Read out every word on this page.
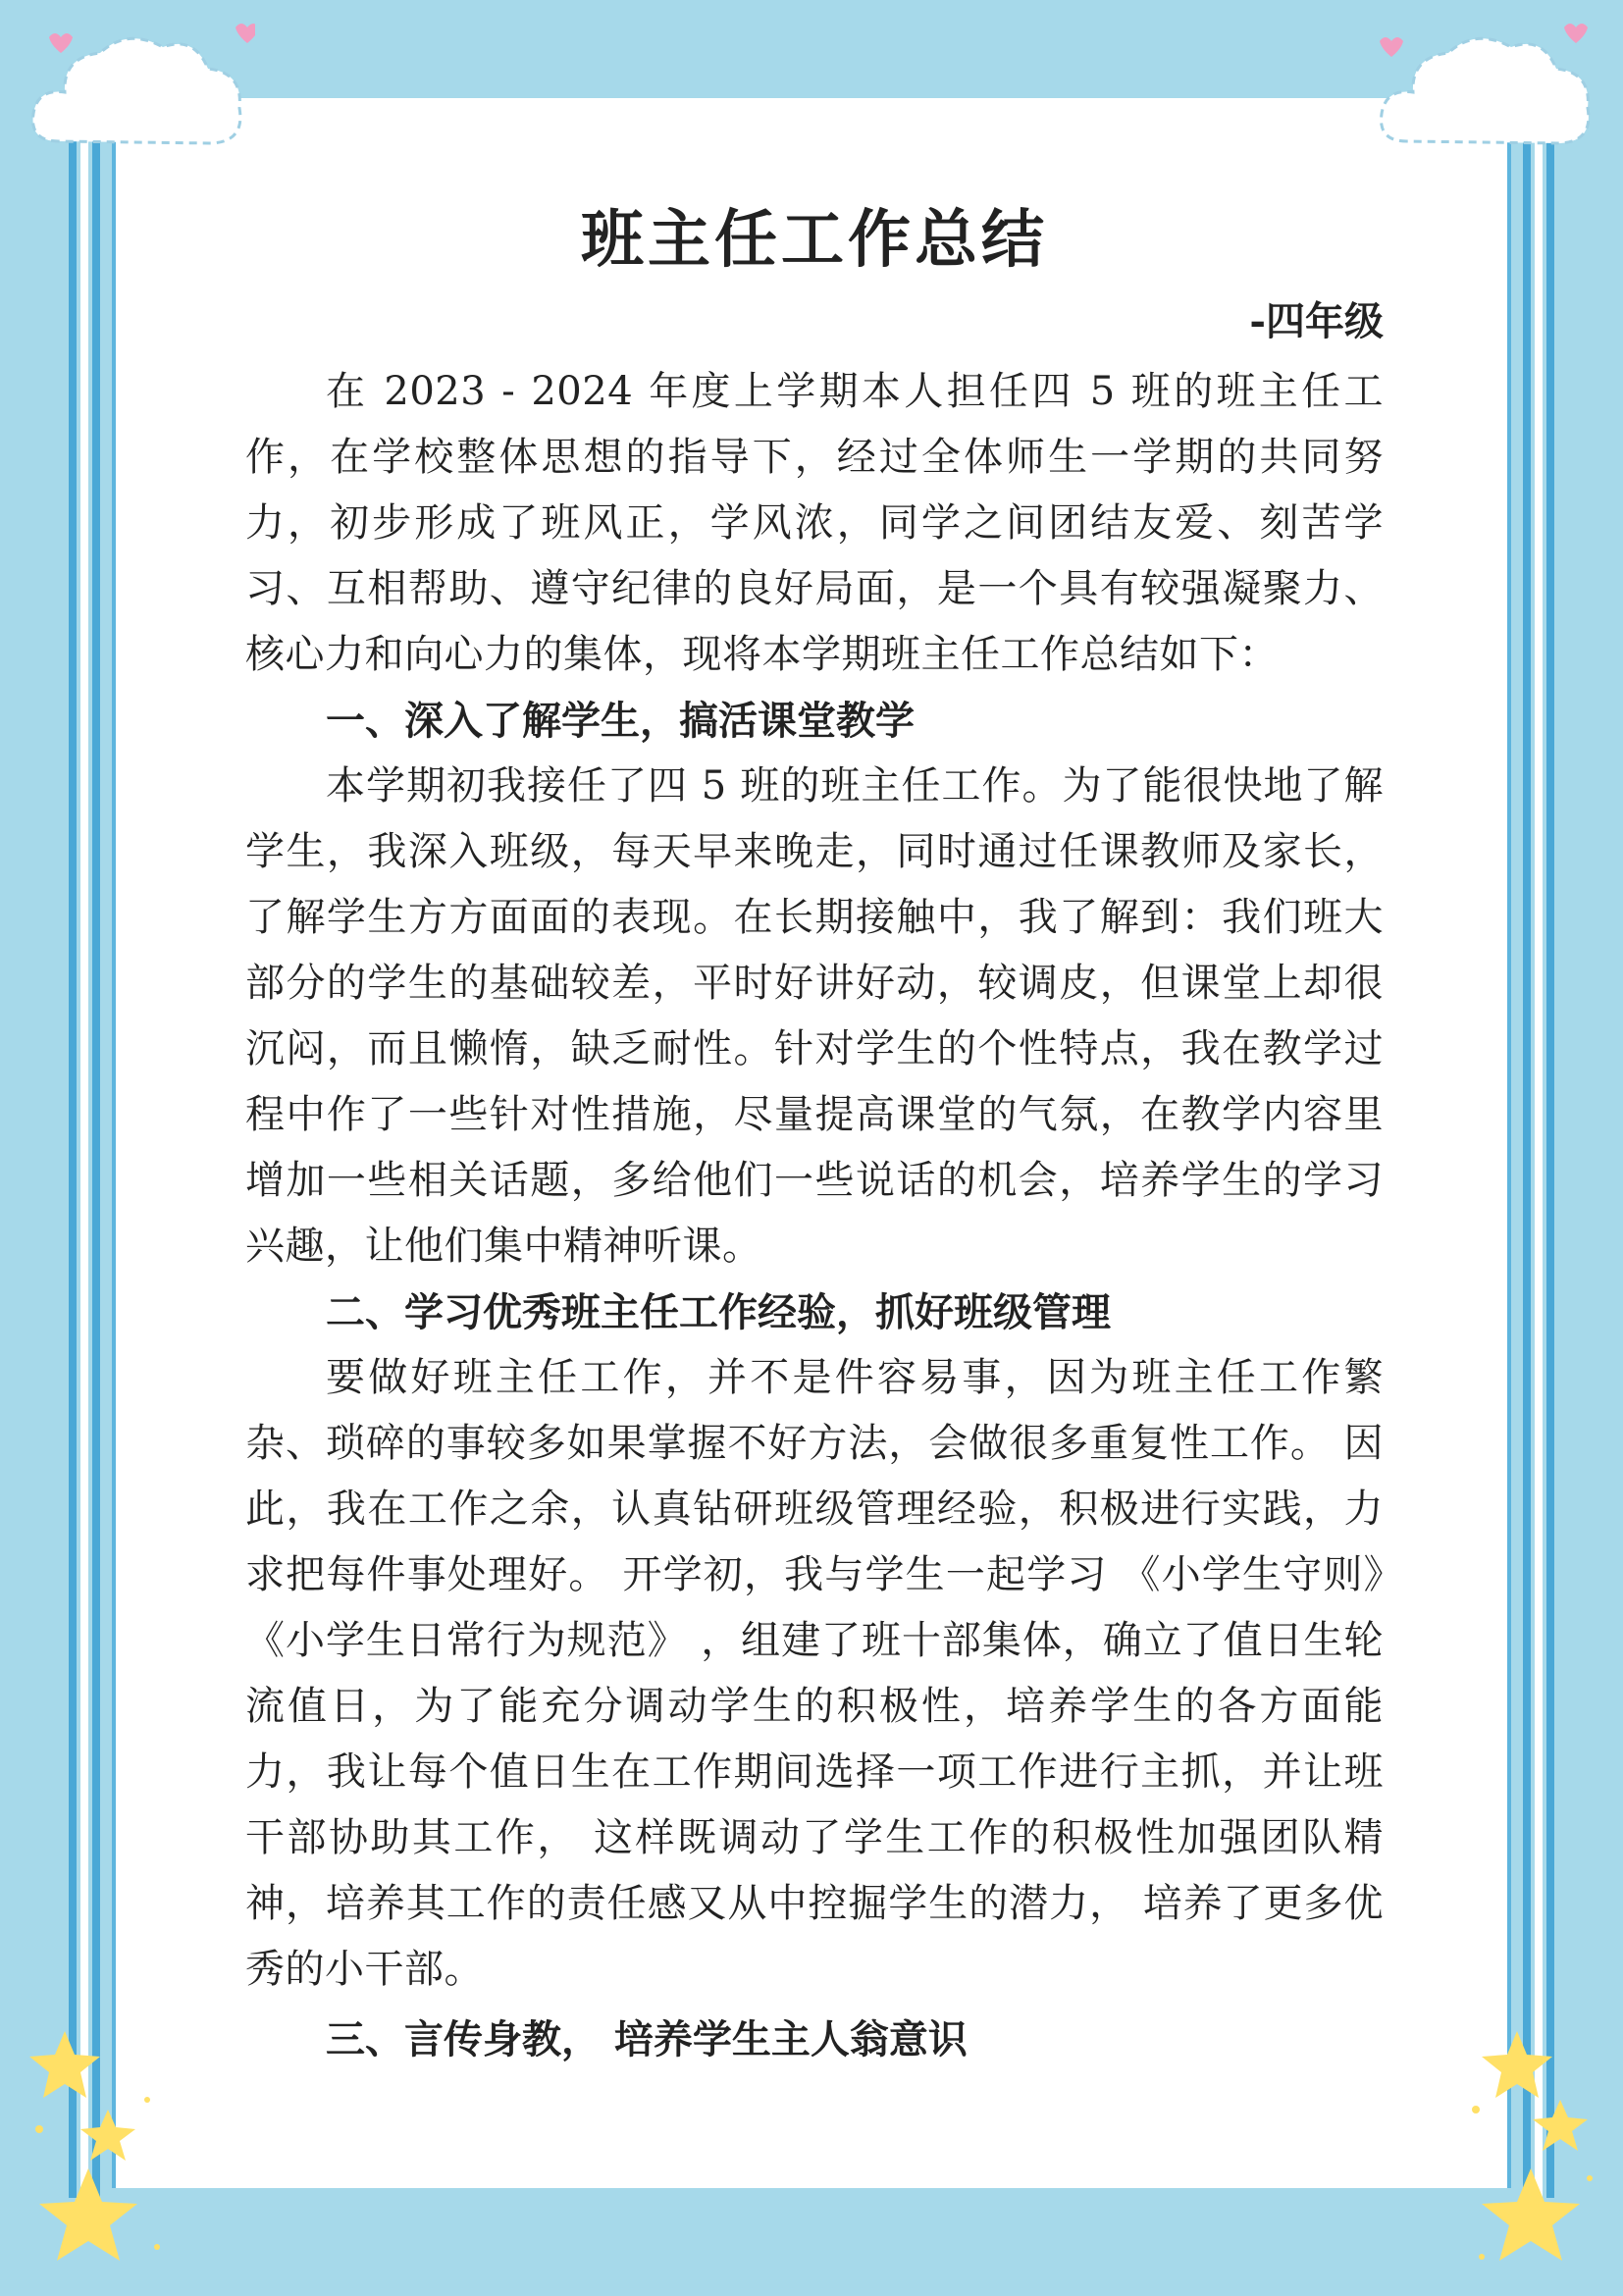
班主任工作总结
-四年级

在 2023 - 2024 年度上学期本人担任四 5 班的班主任工作，在学校整体思想的指导下，经过全体师生一学期的共同努力，初步形成了班风正，学风浓，同学之间团结友爱、刻苦学习、互相帮助、遵守纪律的良好局面，是一个具有较强凝聚力、核心力和向心力的集体，现将本学期班主任工作总结如下：

一、深入了解学生，搞活课堂教学

本学期初我接任了四 5 班的班主任工作。为了能很快地了解学生，我深入班级，每天早来晚走，同时通过任课教师及家长，了解学生方方面面的表现。在长期接触中，我了解到：我们班大部分的学生的基础较差，平时好讲好动，较调皮，但课堂上却很沉闷，而且懒惰，缺乏耐性。针对学生的个性特点，我在教学过程中作了一些针对性措施，尽量提高课堂的气氛，在教学内容里增加一些相关话题，多给他们一些说话的机会，培养学生的学习兴趣，让他们集中精神听课。

二、学习优秀班主任工作经验，抓好班级管理

要做好班主任工作，并不是件容易事，因为班主任工作繁杂、琐碎的事较多如果掌握不好方法，会做很多重复性工作。 因此，我在工作之余，认真钻研班级管理经验，积极进行实践，力求把每件事处理好。 开学初，我与学生一起学习 《小学生守则》《小学生日常行为规范》 ，组建了班十部集体，确立了值日生轮流值日，为了能充分调动学生的积极性，培养学生的各方面能力，我让每个值日生在工作期间选择一项工作进行主抓，并让班干部协助其工作， 这样既调动了学生工作的积极性加强团队精神，培养其工作的责任感又从中控掘学生的潜力， 培养了更多优秀的小干部。

三、言传身教， 培养学生主人翁意识
